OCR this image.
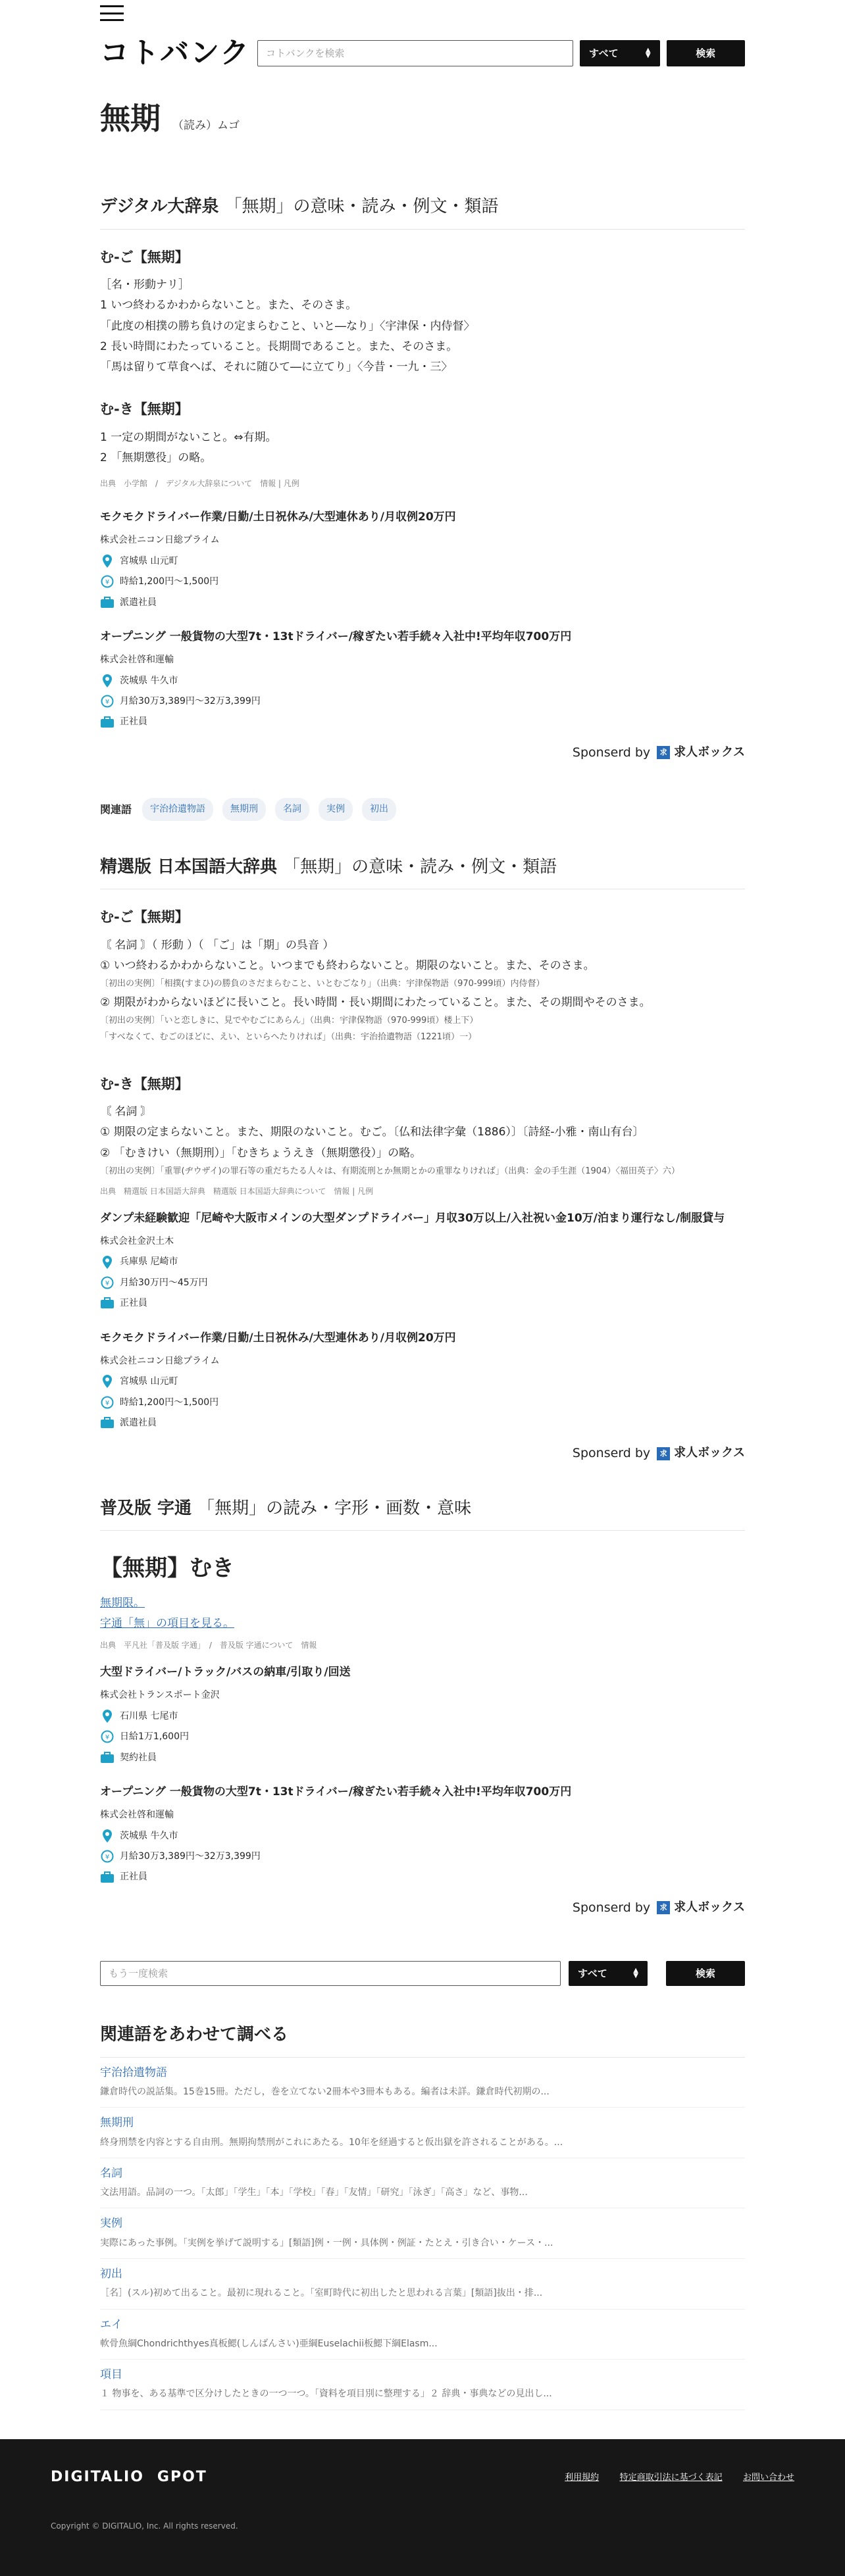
コトバンク	コトバンクを検索	すべて	▲
▼	検索
無期 （読み）ムゴ
デジタル大辞泉 「無期」の意味・読み・例文・類語
む‐ご【無期】

［名・形動ナリ］

1 いつ終わるかわからないこと。また、そのさま。

「此度の相撲の勝ち負けの定まらむこと、いと―なり」〈宇津保・内侍督〉

2 長い時間にわたっていること。長期間であること。また、そのさま。

「馬は留りて草食へば、それに随ひて―に立てり」〈今昔・一九・三〉

む‐き【無期】

1 一定の期間がないこと。⇔有期。

2 「無期懲役」の略。

出典　小学館　/　デジタル大辞泉について　情報 | 凡例
モクモクドライバー作業/日勤/土日祝休み/大型連休あり/月収例20万円
株式会社ニコン日総プライム
宮城県 山元町
¥ 時給1,200円～1,500円
派遣社員
オープニング 一般貨物の大型7t・13tドライバー/稼ぎたい若手続々入社中!平均年収700万円
株式会社啓和運輸
茨城県 牛久市
¥ 月給30万3,389円～32万3,399円
正社員
Sponserd by	求 求人ボックス
関連語	宇治拾遺物語	無期刑	名詞	実例	初出
精選版 日本国語大辞典 「無期」の意味・読み・例文・類語
む‐ご【無期】

〘 名詞 〙（ 形動 ）（ 「ご」は「期」の呉音 ）

① いつ終わるかわからないこと。いつまでも終わらないこと。期限のないこと。また、そのさま。

〔初出の実例〕「相撲(すまひ)の勝負のさだまらむこと、いとむごなり」（出典：宇津保物語（970‐999頃）内侍督）

② 期限がわからないほどに長いこと。長い時間・長い期間にわたっていること。また、その期間やそのさま。

〔初出の実例〕「いと恋しきに、見でやむごにあらん」（出典：宇津保物語（970‐999頃）楼上下）

「すべなくて、むごのほどに、えい、といらへたりければ」（出典：宇治拾遺物語（1221頃）一）

む‐き【無期】

〘 名詞 〙

① 期限の定まらないこと。また、期限のないこと。むご。〔仏和法律字彙（1886）〕〔詩経‐小雅・南山有台〕

② 「むきけい（無期刑）」「むきちょうえき（無期懲役）」の略。

〔初出の実例〕「重罪(ヂウザイ)の罪石等の重だちたる人々は、有期流刑とか無期とかの重罪なりければ」（出典：金の手生涯（1904）〈福田英子〉六）

出典　精選版 日本国語大辞典　精選版 日本国語大辞典について　情報 | 凡例
ダンプ未経験歓迎「尼崎や大阪市メインの大型ダンプドライバー」月収30万以上/入社祝い金10万/泊まり運行なし/制服貸与
株式会社金沢土木
兵庫県 尼崎市
¥ 月給30万円～45万円
正社員
モクモクドライバー作業/日勤/土日祝休み/大型連休あり/月収例20万円
株式会社ニコン日総プライム
宮城県 山元町
¥ 時給1,200円～1,500円
派遣社員
Sponserd by	求 求人ボックス
普及版 字通 「無期」の読み・字形・画数・意味
【無期】むき

無期限。

字通「無」の項目を見る。

出典　平凡社「普及版 字通」　/　普及版 字通について　情報
大型ドライバー/トラック/バスの納車/引取り/回送
株式会社トランスポート金沢
石川県 七尾市
¥ 日給1万1,600円
契約社員
オープニング 一般貨物の大型7t・13tドライバー/稼ぎたい若手続々入社中!平均年収700万円
株式会社啓和運輸
茨城県 牛久市
¥ 月給30万3,389円～32万3,399円
正社員
Sponserd by	求 求人ボックス
もう一度検索	すべて	▲
▼	検索
関連語をあわせて調べる
宇治拾遺物語
鎌倉時代の説話集。15巻15冊。ただし，巻を立てない2冊本や3冊本もある。編者は未詳。鎌倉時代初期の...
無期刑
終身刑禁を内容とする自由刑。無期拘禁刑がこれにあたる。10年を経過すると仮出獄を許されることがある。...
名詞
文法用語。品詞の一つ。「太郎」「学生」「本」「学校」「春」「友情」「研究」「泳ぎ」「高さ」など、事物...
実例
実際にあった事例。「実例を挙げて説明する」[類語]例・一例・具体例・例証・たとえ・引き合い・ケース・...
初出
［名］(スル)初めて出ること。最初に現れること。「室町時代に初出したと思われる言葉」[類語]抜出・排...
エイ
軟骨魚綱Chondrichthyes真板鰓(しんばんさい)亜綱Euselachii板鰓下綱Elasm...
項目
１ 物事を、ある基準で区分けしたときの一つ一つ。「資料を項目別に整理する」２ 辞典・事典などの見出し...
DIGITALIO GPOT	利用規約 特定商取引法に基づく表記 お問い合わせ
Copyright © DIGITALIO, Inc. All rights reserved.
